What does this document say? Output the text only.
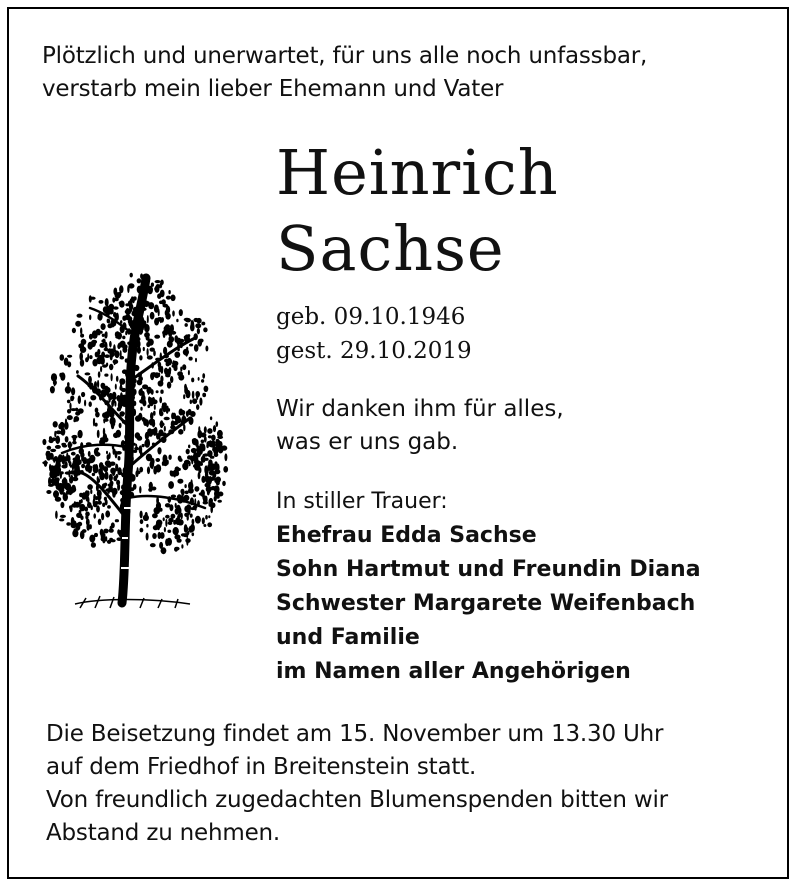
Plötzlich und unerwartet, für uns alle noch unfassbar,
verstarb mein lieber Ehemann und Vater
Heinrich
Sachse
geb. 09.10.1946
gest. 29.10.2019
Wir danken ihm für alles,
was er uns gab.
In stiller Trauer:
Ehefrau Edda Sachse
Sohn Hartmut und Freundin Diana
Schwester Margarete Weifenbach
und Familie
im Namen aller Angehörigen
Die Beisetzung findet am 15. November um 13.30 Uhr
auf dem Friedhof in Breitenstein statt.
Von freundlich zugedachten Blumenspenden bitten wir
Abstand zu nehmen.
